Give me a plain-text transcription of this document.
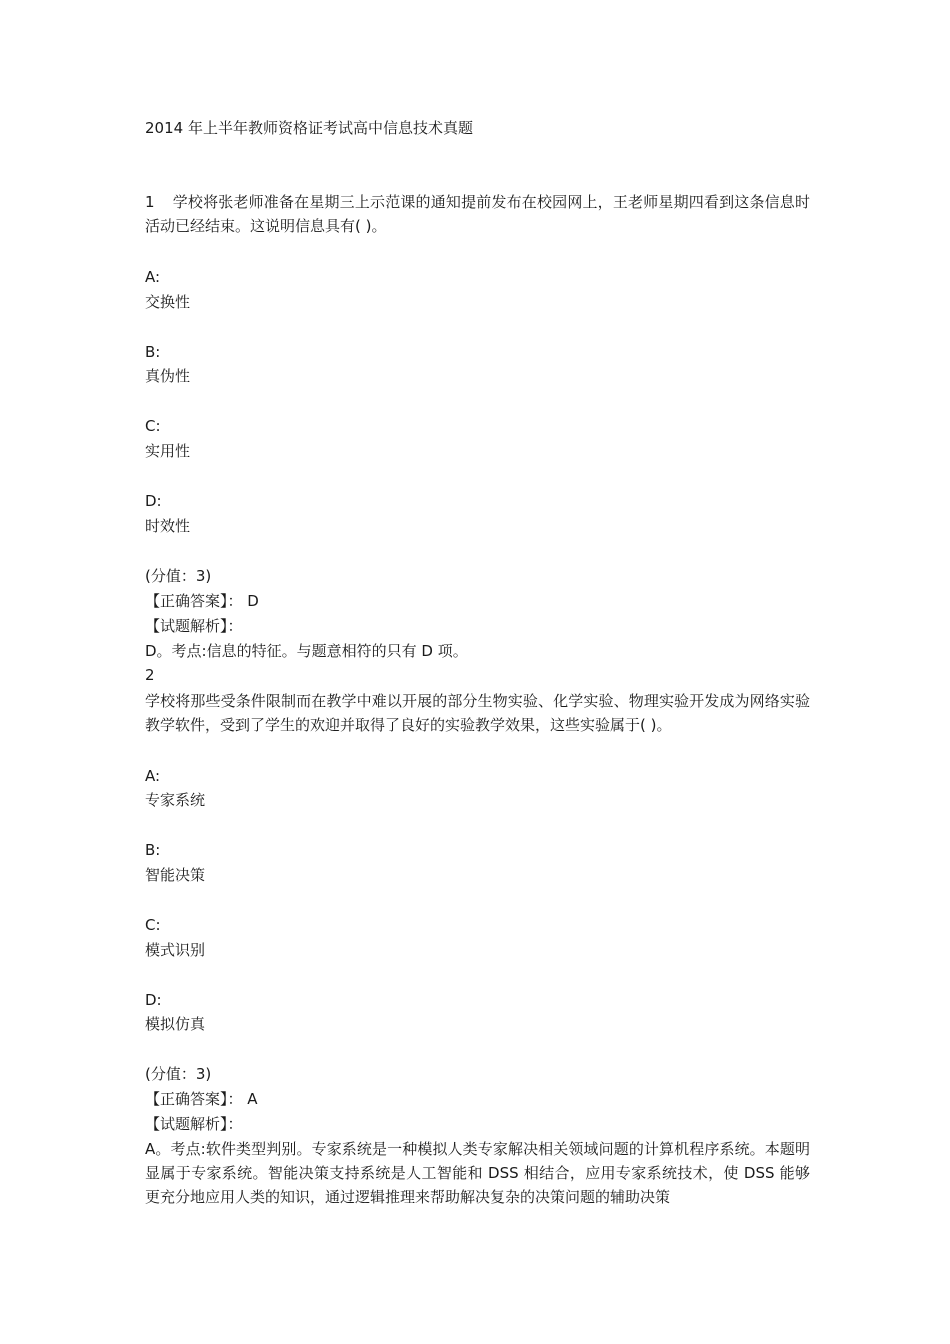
2014 年上半年教师资格证考试高中信息技术真题
1 学校将张老师准备在星期三上示范课的通知提前发布在校园网上，王老师星期四看到这条信息时活动已经结束。这说明信息具有( )。
A:
交换性
B:
真伪性
C:
实用性
D:
时效性
(分值：3)
【正确答案】： D
【试题解析】：
D。考点:信息的特征。与题意相符的只有 D 项。
2
学校将那些受条件限制而在教学中难以开展的部分生物实验、化学实验、物理实验开发成为网络实验教学软件，受到了学生的欢迎并取得了良好的实验教学效果，这些实验属于( )。
A:
专家系统
B:
智能决策
C:
模式识别
D:
模拟仿真
(分值：3)
【正确答案】： A
【试题解析】：
A。考点:软件类型判别。专家系统是一种模拟人类专家解决相关领域问题的计算机程序系统。本题明显属于专家系统。智能决策支持系统是人工智能和 DSS 相结合，应用专家系统技术，使 DSS 能够更充分地应用人类的知识，通过逻辑推理来帮助解决复杂的决策问题的辅助决策
